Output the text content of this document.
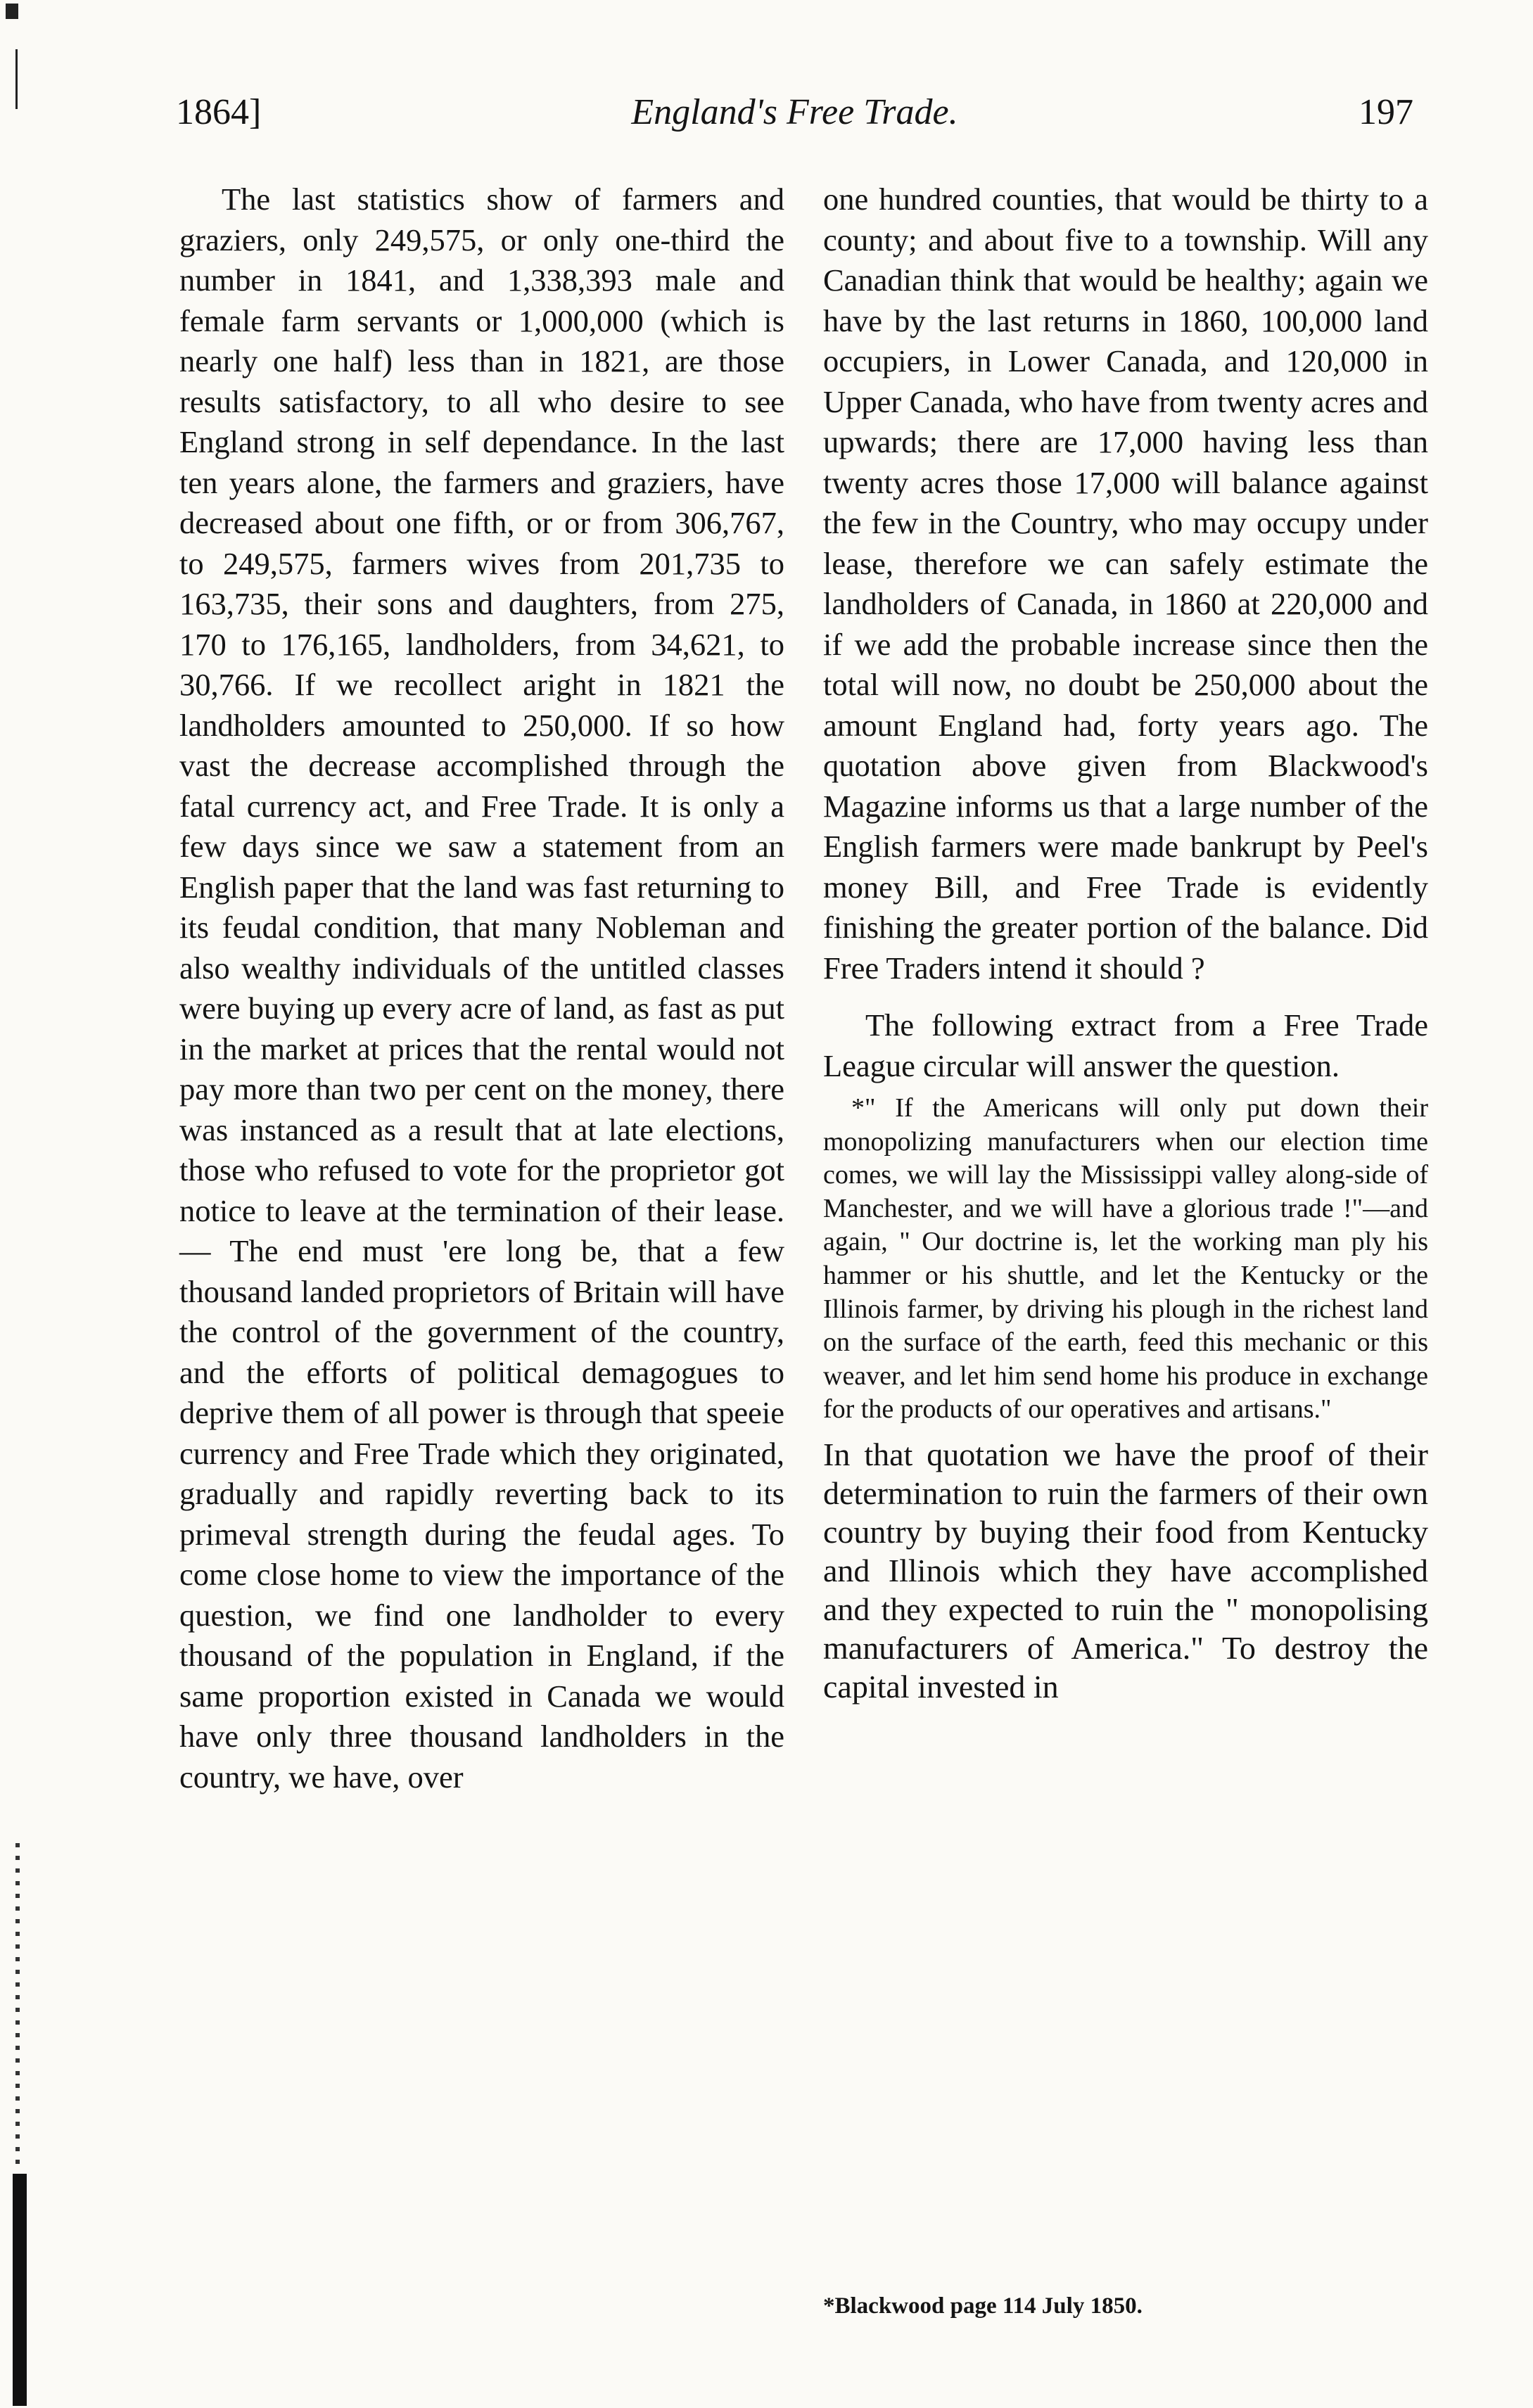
1864]	England's Free Trade.	197

The last statistics show of farmers and graziers, only 249,575, or only one-third the number in 1841, and 1,338,393 male and female farm servants or 1,000,000 (which is nearly one half) less than in 1821, are those results satisfactory, to all who desire to see England strong in self dependance. In the last ten years alone, the farmers and graziers, have decreased about one fifth, or or from 306,767, to 249,575, farmers wives from 201,735 to 163,735, their sons and daughters, from 275, 170 to 176,165, landholders, from 34,621, to 30,766. If we recollect aright in 1821 the landholders amounted to 250,000. If so how vast the decrease accomplished through the fatal currency act, and Free Trade. It is only a few days since we saw a statement from an English paper that the land was fast returning to its feudal condition, that many Nobleman and also wealthy individuals of the untitled classes were buying up every acre of land, as fast as put in the market at prices that the rental would not pay more than two per cent on the money, there was instanced as a result that at late elections, those who refused to vote for the proprietor got notice to leave at the termination of their lease.— The end must 'ere long be, that a few thousand landed proprietors of Britain will have the control of the government of the country, and the efforts of political demagogues to deprive them of all power is through that speeie currency and Free Trade which they originated, gradually and rapidly reverting back to its primeval strength during the feudal ages. To come close home to view the importance of the question, we find one landholder to every thousand of the population in England, if the same proportion existed in Canada we would have only three thousand landholders in the country, we have, over

one hundred counties, that would be thirty to a county; and about five to a township. Will any Canadian think that would be healthy; again we have by the last returns in 1860, 100,000 land occupiers, in Lower Canada, and 120,000 in Upper Canada, who have from twenty acres and upwards; there are 17,000 having less than twenty acres those 17,000 will balance against the few in the Country, who may occupy under lease, therefore we can safely estimate the landholders of Canada, in 1860 at 220,000 and if we add the probable increase since then the total will now, no doubt be 250,000 about the amount England had, forty years ago. The quotation above given from Blackwood's Magazine informs us that a large number of the English farmers were made bankrupt by Peel's money Bill, and Free Trade is evidently finishing the greater portion of the balance. Did Free Traders intend it should ?

The following extract from a Free Trade League circular will answer the question.

*" If the Americans will only put down their monopolizing manufacturers when our election time comes, we will lay the Mississippi valley along-side of Manchester, and we will have a glorious trade !"—and again, " Our doctrine is, let the working man ply his hammer or his shuttle, and let the Kentucky or the Illinois farmer, by driving his plough in the richest land on the surface of the earth, feed this mechanic or this weaver, and let him send home his produce in exchange for the products of our operatives and artisans."

In that quotation we have the proof of their determination to ruin the farmers of their own country by buying their food from Kentucky and Illinois which they have accomplished and they expected to ruin the " monopolising manufacturers of America." To destroy the capital invested in

*Blackwood page 114 July 1850.
